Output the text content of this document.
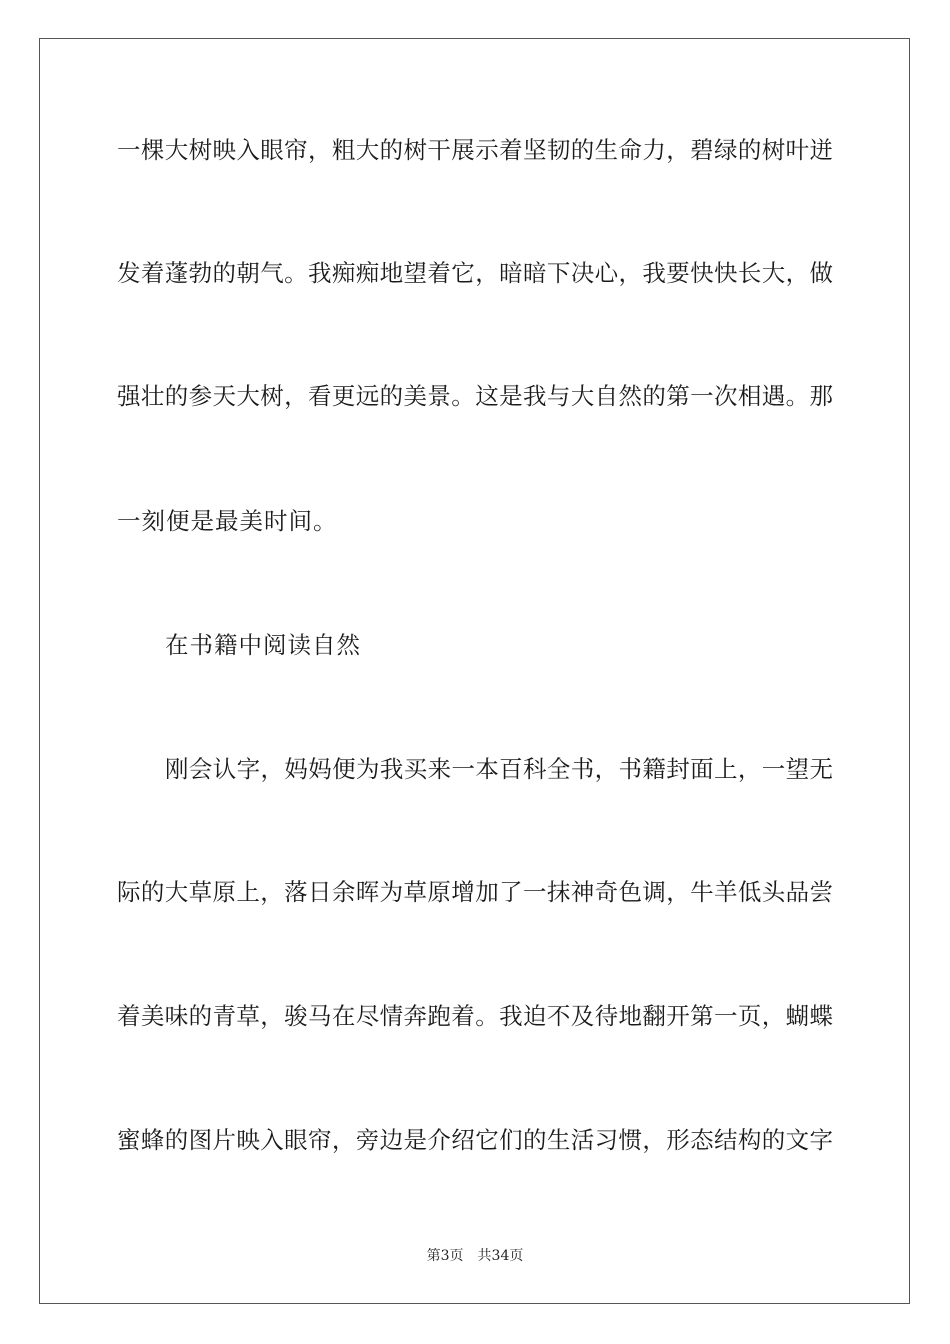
一棵大树映入眼帘，粗大的树干展示着坚韧的生命力，碧绿的树叶迸
发着蓬勃的朝气。我痴痴地望着它，暗暗下决心，我要快快长大，做
强壮的参天大树，看更远的美景。这是我与大自然的第一次相遇。那
一刻便是最美时间。
在书籍中阅读自然
刚会认字，妈妈便为我买来一本百科全书，书籍封面上，一望无
际的大草原上，落日余晖为草原增加了一抹神奇色调，牛羊低头品尝
着美味的青草，骏马在尽情奔跑着。我迫不及待地翻开第一页，蝴蝶
蜜蜂的图片映入眼帘，旁边是介绍它们的生活习惯，形态结构的文字
第3页 共34页
